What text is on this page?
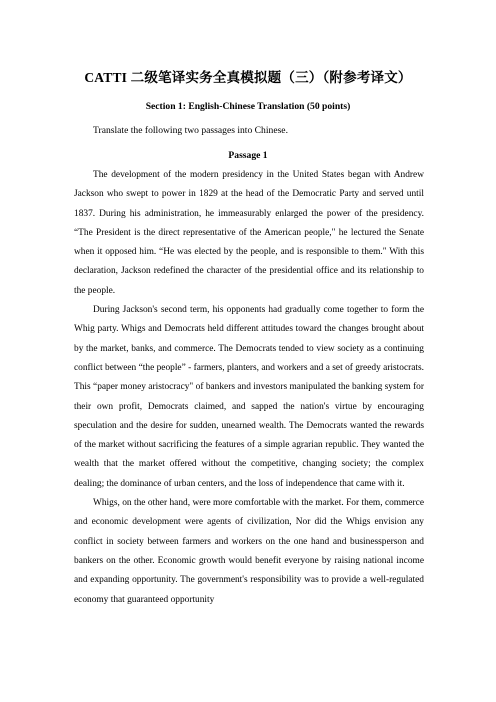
CATTI 二级笔译实务全真模拟题（三）（附参考译文）
Section 1: English-Chinese Translation (50 points)
Translate the following two passages into Chinese.
Passage 1

The development of the modern presidency in the United States began with Andrew Jackson who swept to power in 1829 at the head of the Democratic Party and served until 1837. During his administration, he immeasurably enlarged the power of the presidency. “The President is the direct representative of the American people," he lectured the Senate when it opposed him. “He was elected by the people, and is responsible to them." With this declaration, Jackson redefined the character of the presidential office and its relationship to the people.

During Jackson's second term, his opponents had gradually come together to form the Whig party. Whigs and Democrats held different attitudes toward the changes brought about by the market, banks, and commerce. The Democrats tended to view society as a continuing conflict between “the people” - farmers, planters, and workers and a set of greedy aristocrats. This “paper money aristocracy" of bankers and investors manipulated the banking system for their own profit, Democrats claimed, and sapped the nation's virtue by encouraging speculation and the desire for sudden, unearned wealth. The Democrats wanted the rewards of the market without sacrificing the features of a simple agrarian republic. They wanted the wealth that the market offered without the competitive, changing society; the complex dealing; the dominance of urban centers, and the loss of independence that came with it.

Whigs, on the other hand, were more comfortable with the market. For them, commerce and economic development were agents of civilization, Nor did the Whigs envision any conflict in society between farmers and workers on the one hand and businessperson and bankers on the other. Economic growth would benefit everyone by raising national income and expanding opportunity. The government's responsibility was to provide a well-regulated economy that guaranteed opportunity
